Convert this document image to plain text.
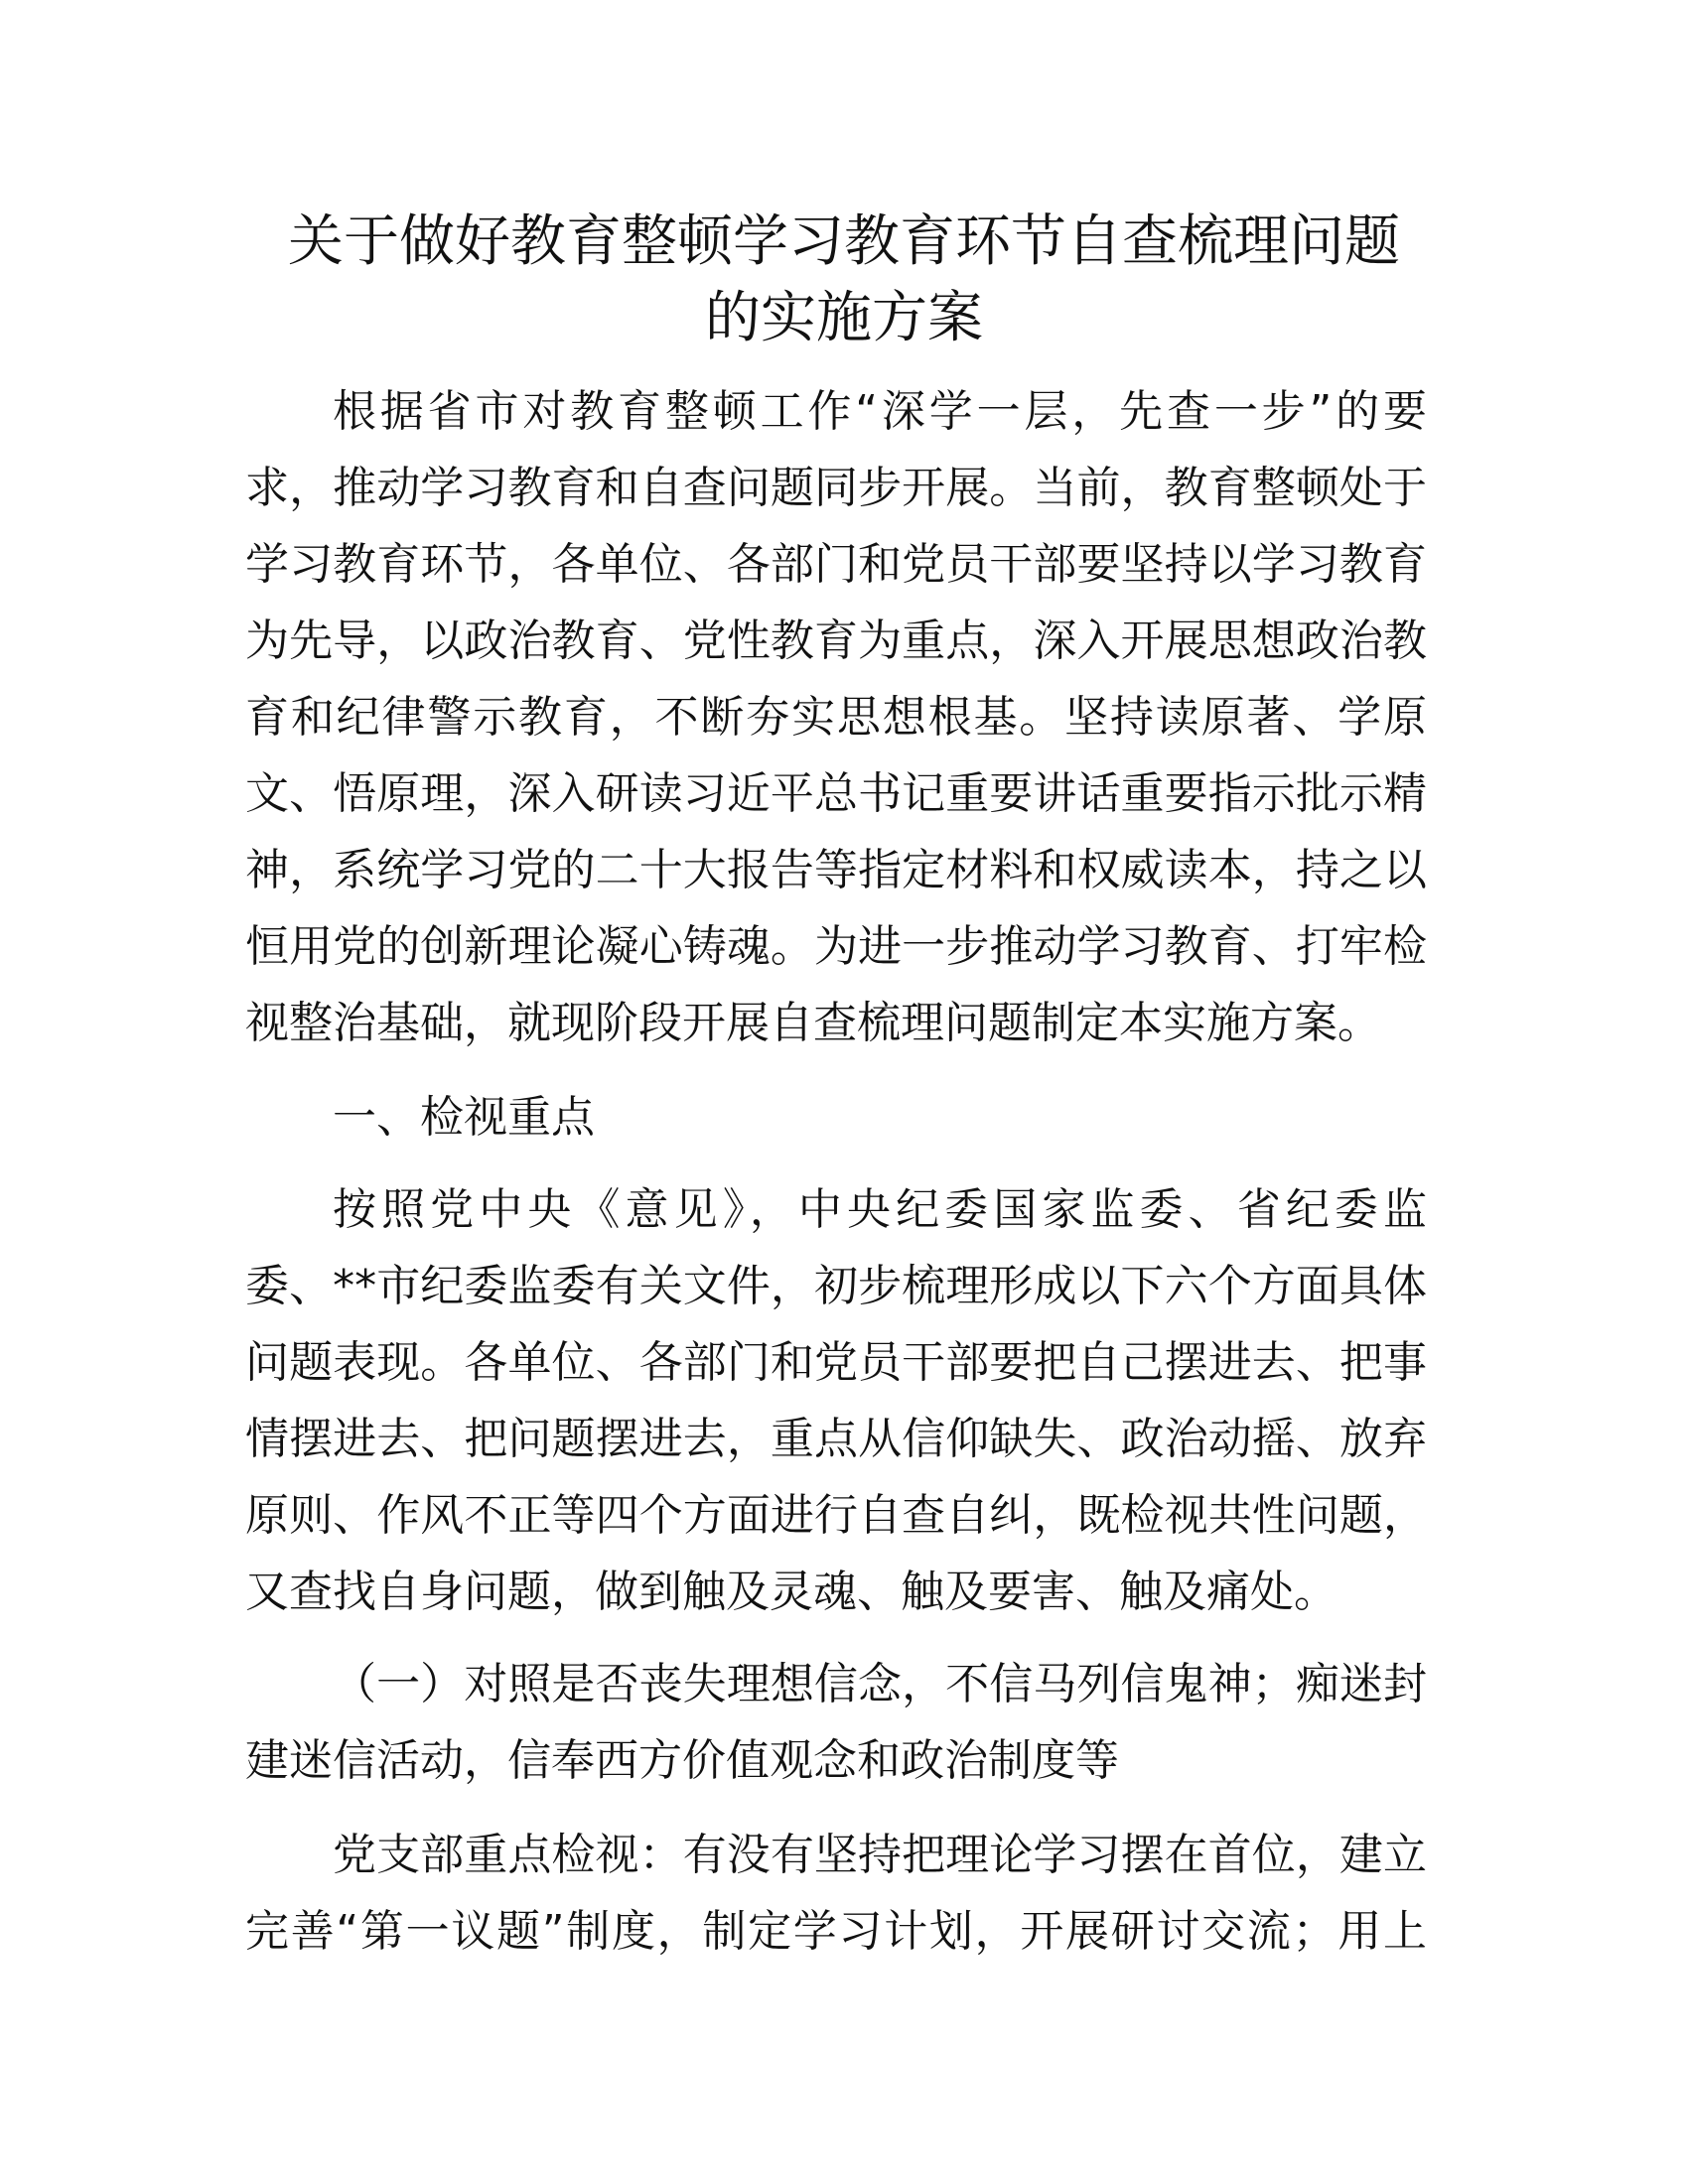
关于做好教育整顿学习教育环节自查梳理问题
的实施方案
根据省市对教育整顿工作“深学一层，先查一步”的要
求，推动学习教育和自查问题同步开展。当前，教育整顿处于
学习教育环节，各单位、各部门和党员干部要坚持以学习教育
为先导，以政治教育、党性教育为重点，深入开展思想政治教
育和纪律警示教育，不断夯实思想根基。坚持读原著、学原
文、悟原理，深入研读习近平总书记重要讲话重要指示批示精
神，系统学习党的二十大报告等指定材料和权威读本，持之以
恒用党的创新理论凝心铸魂。为进一步推动学习教育、打牢检
视整治基础，就现阶段开展自查梳理问题制定本实施方案。
一、检视重点
按照党中央《意见》，中央纪委国家监委、省纪委监
委、**市纪委监委有关文件，初步梳理形成以下六个方面具体
问题表现。各单位、各部门和党员干部要把自己摆进去、把事
情摆进去、把问题摆进去，重点从信仰缺失、政治动摇、放弃
原则、作风不正等四个方面进行自查自纠，既检视共性问题，
又查找自身问题，做到触及灵魂、触及要害、触及痛处。
（一）对照是否丧失理想信念，不信马列信鬼神；痴迷封
建迷信活动，信奉西方价值观念和政治制度等
党支部重点检视：有没有坚持把理论学习摆在首位，建立
完善“第一议题”制度，制定学习计划，开展研讨交流；用上
